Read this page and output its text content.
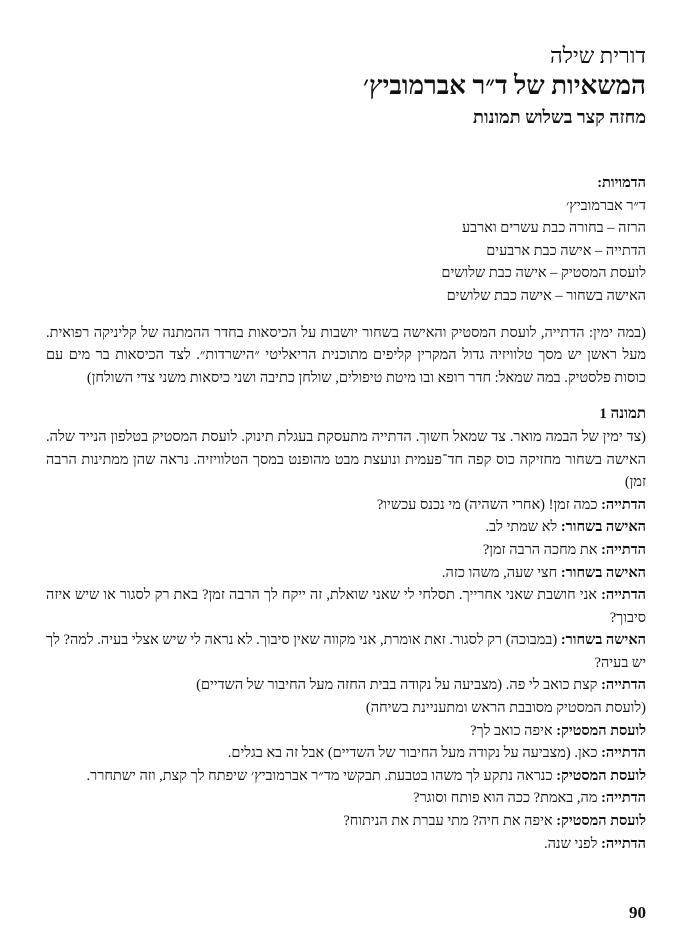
דורית שילה
המשאיות של ד״ר אברמוביץ׳
מחזה קצר בשלוש תמונות
הדמויות:
ד״ר אברמוביץ׳
הרזה – בחורה כבת עשרים וארבע
הדתייה – אישה כבת ארבעים
לועסת המסטיק – אישה כבת שלושים
האישה בשחור – אישה כבת שלושים
(במה ימין: הדתייה, לועסת המסטיק והאישה בשחור יושבות על הכיסאות בחדר ההמתנה של קליניקה רפואית. מעל ראשן יש מסך טלוויזיה גדול המקרין קליפים מתוכנית הריאליטי ״הישרדות״. לצד הכיסאות בר מים עם כוסות פלסטיק. במה שמאל: חדר רופא ובו מיטת טיפולים, שולחן כתיבה ושני כיסאות משני צדי השולחן)
תמונה 1
(צד ימין של הבמה מואר. צד שמאל חשוך. הדתייה מתעסקת בעגלת תינוק. לועסת המסטיק בטלפון הנייד שלה. האישה בשחור מחזיקה כוס קפה חד־פעמית ונועצת מבט מהופנט במסך הטלוויזיה. נראה שהן ממתינות הרבה זמן)
הדתייה: כמה זמן! (אחרי השהיה) מי נכנס עכשיו?
האישה בשחור: לא שמתי לב.
הדתייה: את מחכה הרבה זמן?
האישה בשחור: חצי שעה, משהו כזה.
הדתייה: אני חושבת שאני אחרייך. תסלחי לי שאני שואלת, זה ייקח לך הרבה זמן? באת רק לסגור או שיש איזה סיבוך?
האישה בשחור: (במבוכה) רק לסגור. זאת אומרת, אני מקווה שאין סיבוך. לא נראה לי שיש אצלי בעיה. למה? לך יש בעיה?
הדתייה: קצת כואב לי פה. (מצביעה על נקודה בבית החזה מעל החיבור של השדיים)
(לועסת המסטיק מסובבת הראש ומתעניינת בשיחה)
לועסת המסטיק: איפה כואב לך?
הדתייה: כאן. (מצביעה על נקודה מעל החיבור של השדיים) אבל זה בא בגלים.
לועסת המסטיק: כנראה נתקע לך משהו בטבעת. תבקשי מד״ר אברמוביץ׳ שיפתח לך קצת, וזה ישתחרר.
הדתייה: מה, באמת? ככה הוא פותח וסוגר?
לועסת המסטיק: איפה את חיה? מתי עברת את הניתוח?
הדתייה: לפני שנה.
90
